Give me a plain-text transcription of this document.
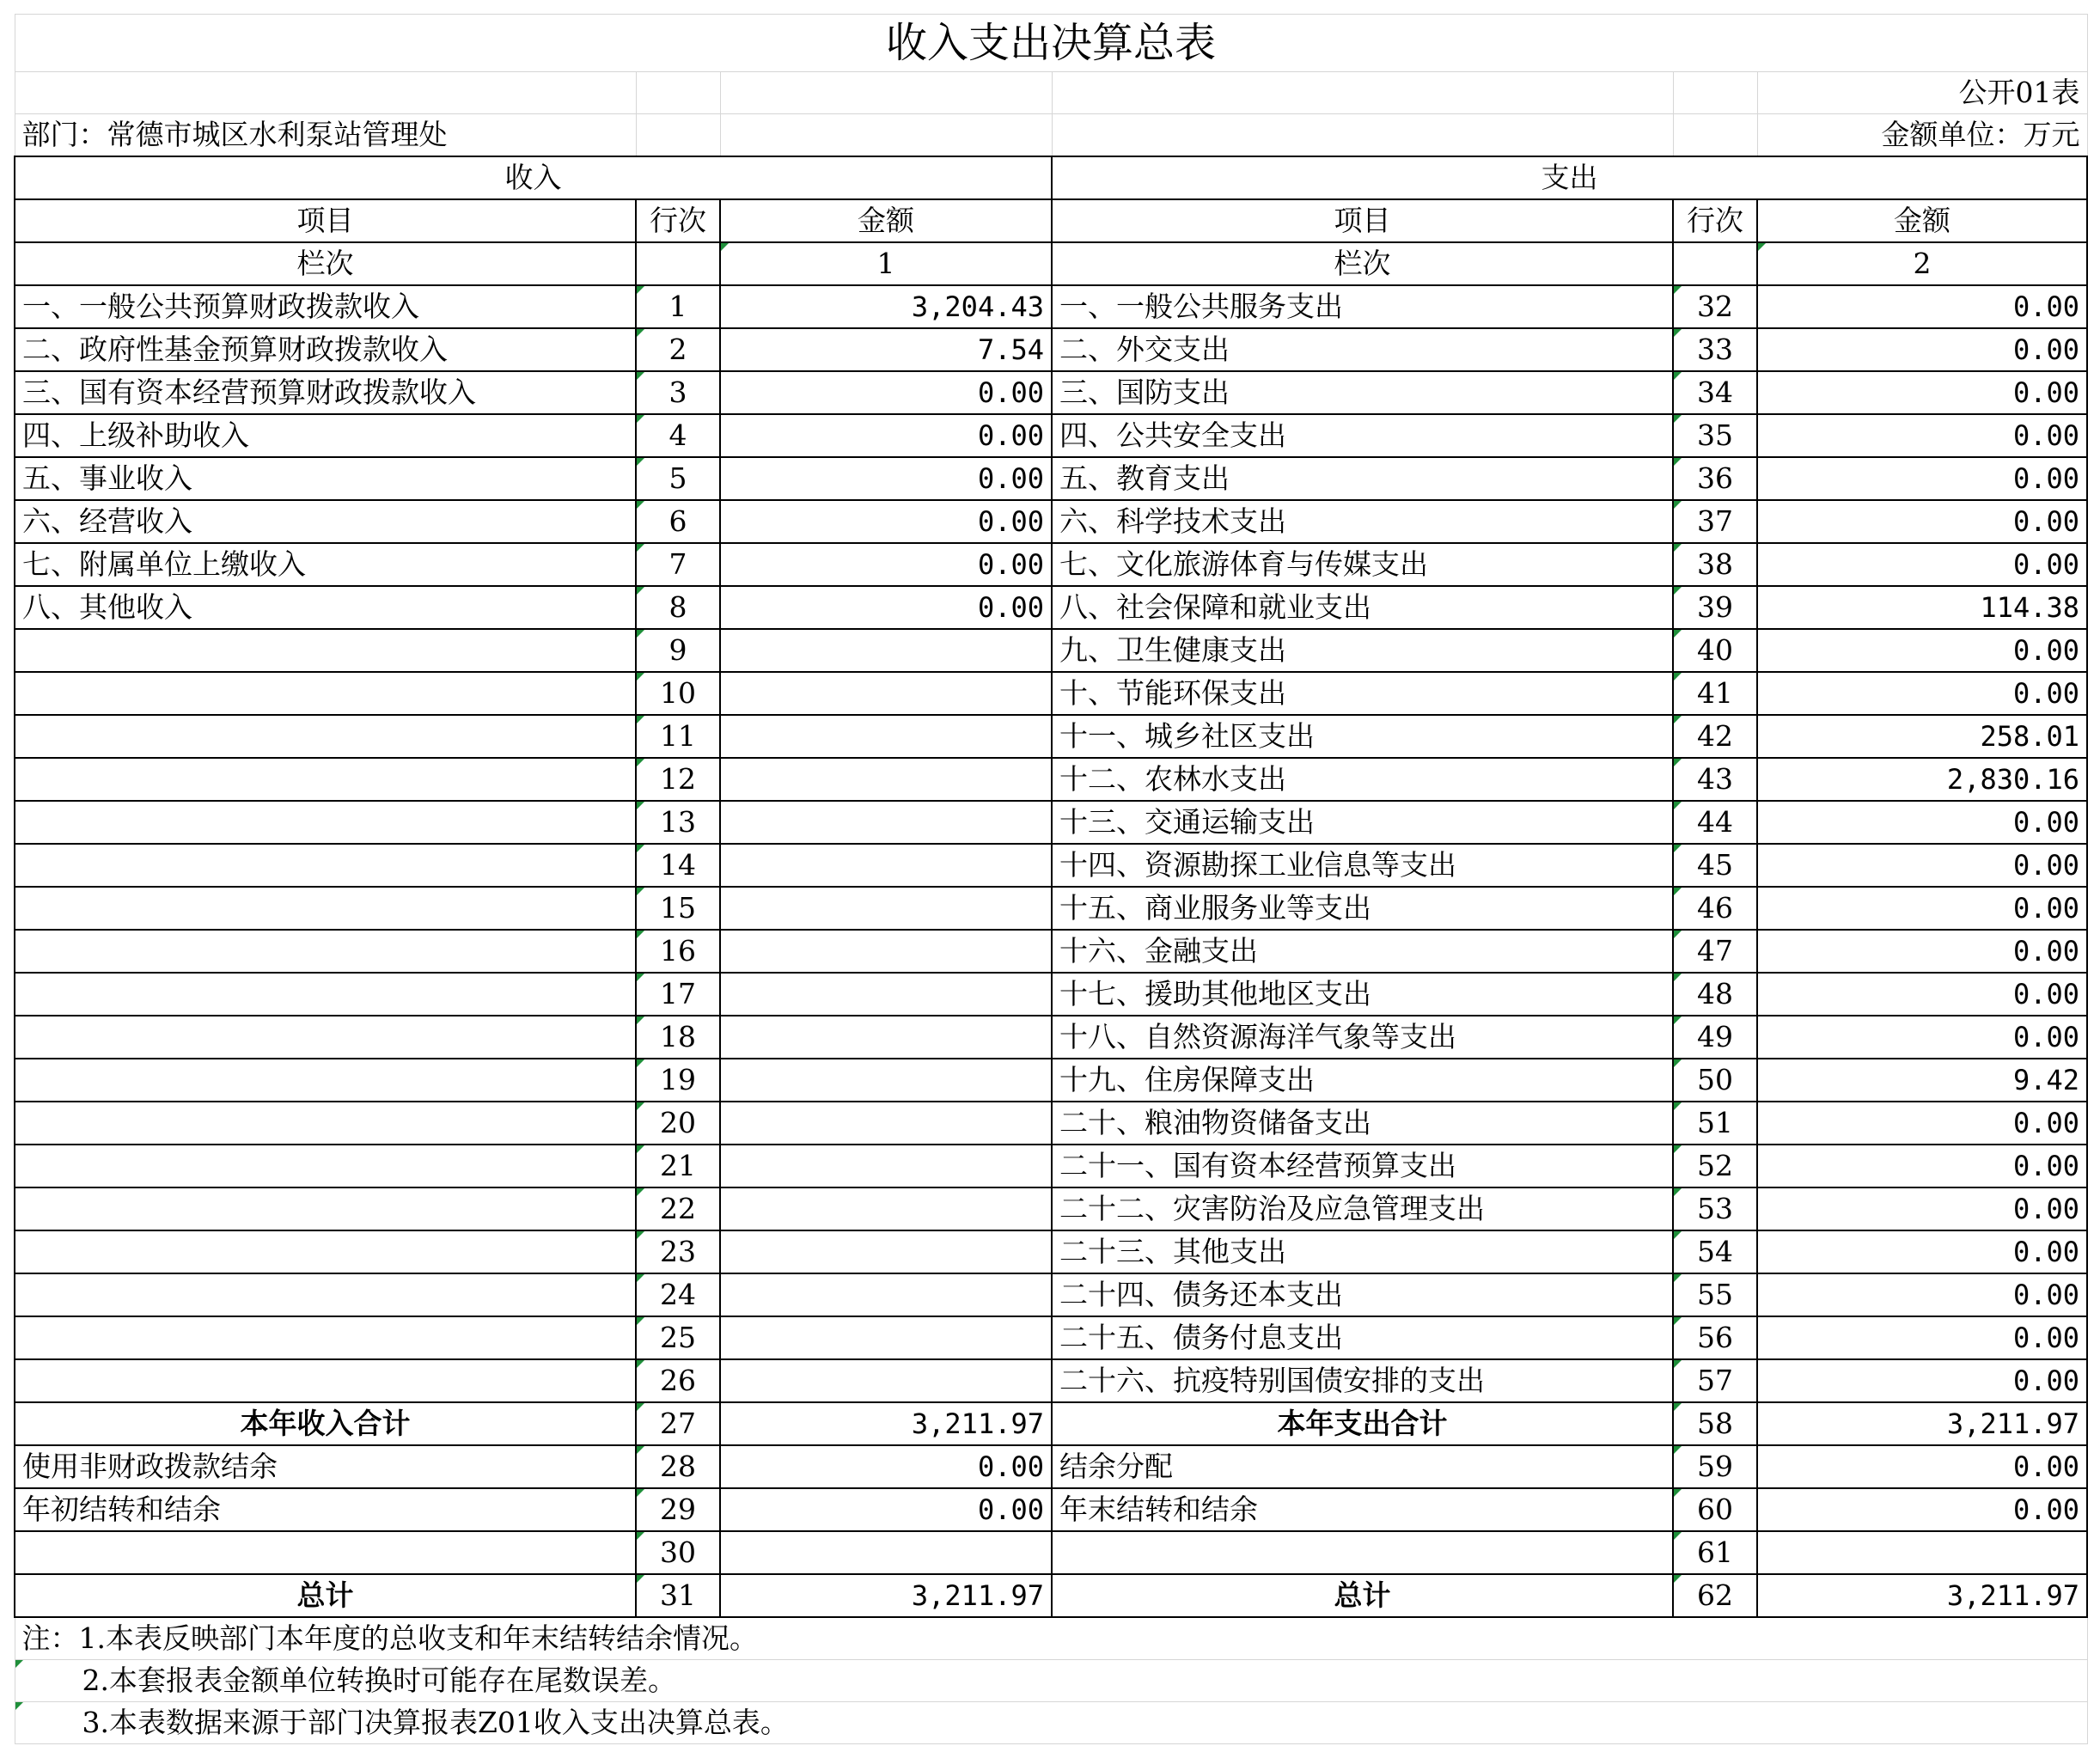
收入支出决算总表					
					公开01表
部门：常德市城区水利泵站管理处					金额单位：万元
收入			支出		
项目	行次	金额	项目	行次	金额
栏次		1	栏次		2
一、一般公共预算财政拨款收入	1	3,204.43	一、一般公共服务支出	32	0.00
二、政府性基金预算财政拨款收入	2	7.54	二、外交支出	33	0.00
三、国有资本经营预算财政拨款收入	3	0.00	三、国防支出	34	0.00
四、上级补助收入	4	0.00	四、公共安全支出	35	0.00
五、事业收入	5	0.00	五、教育支出	36	0.00
六、经营收入	6	0.00	六、科学技术支出	37	0.00
七、附属单位上缴收入	7	0.00	七、文化旅游体育与传媒支出	38	0.00
八、其他收入	8	0.00	八、社会保障和就业支出	39	114.38
	9		九、卫生健康支出	40	0.00
	10		十、节能环保支出	41	0.00
	11		十一、城乡社区支出	42	258.01
	12		十二、农林水支出	43	2,830.16
	13		十三、交通运输支出	44	0.00
	14		十四、资源勘探工业信息等支出	45	0.00
	15		十五、商业服务业等支出	46	0.00
	16		十六、金融支出	47	0.00
	17		十七、援助其他地区支出	48	0.00
	18		十八、自然资源海洋气象等支出	49	0.00
	19		十九、住房保障支出	50	9.42
	20		二十、粮油物资储备支出	51	0.00
	21		二十一、国有资本经营预算支出	52	0.00
	22		二十二、灾害防治及应急管理支出	53	0.00
	23		二十三、其他支出	54	0.00
	24		二十四、债务还本支出	55	0.00
	25		二十五、债务付息支出	56	0.00
	26		二十六、抗疫特别国债安排的支出	57	0.00
本年收入合计	27	3,211.97	本年支出合计	58	3,211.97
使用非财政拨款结余	28	0.00	结余分配	59	0.00
年初结转和结余	29	0.00	年末结转和结余	60	0.00
	30			61	
总计	31	3,211.97	总计	62	3,211.97
注：1.本表反映部门本年度的总收支和年末结转结余情况。					
2.本套报表金额单位转换时可能存在尾数误差。					
3.本表数据来源于部门决算报表Z01收入支出决算总表。					
